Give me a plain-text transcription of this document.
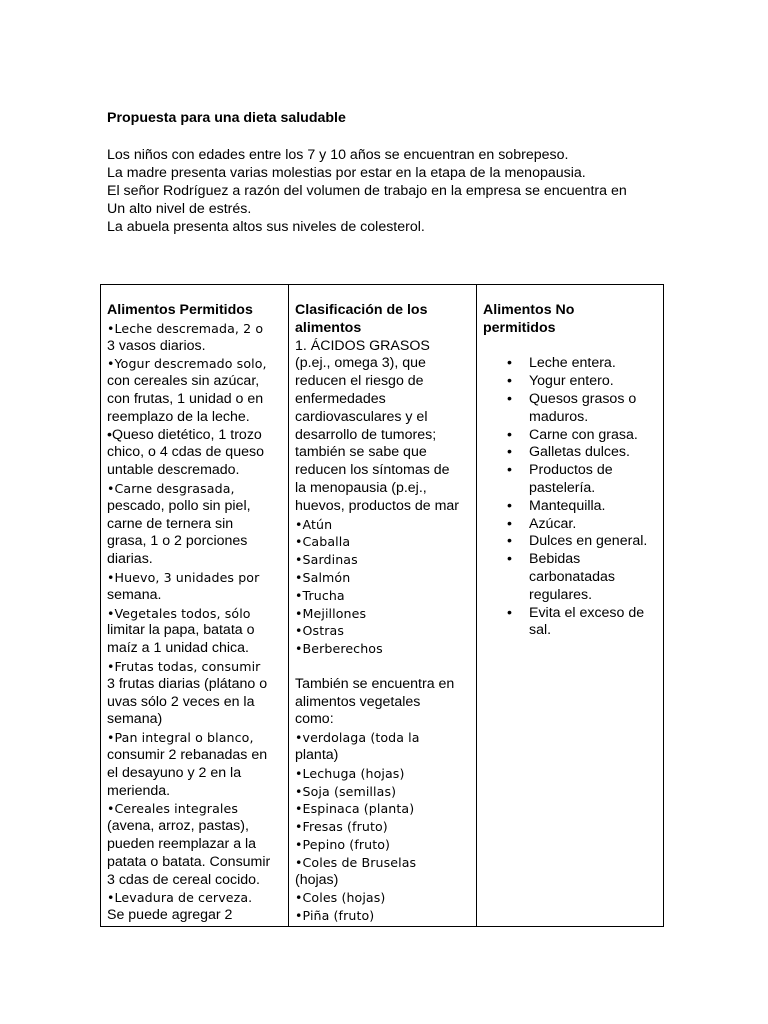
Propuesta para una dieta saludable
Los niños con edades entre los 7 y 10 años se encuentran en sobrepeso.
La madre presenta varias molestias por estar en la etapa de la menopausia.
El señor Rodríguez a razón del volumen de trabajo en la empresa se encuentra en
Un alto nivel de estrés.
La abuela presenta altos sus niveles de colesterol.
Alimentos Permitidos
•Leche descremada, 2 o
3 vasos diarios.
•Yogur descremado solo,
con cereales sin azúcar,
con frutas, 1 unidad o en
reemplazo de la leche.
•Queso dietético, 1 trozo
chico, o 4 cdas de queso
untable descremado.
•Carne desgrasada,
pescado, pollo sin piel,
carne de ternera sin
grasa, 1 o 2 porciones
diarias.
•Huevo, 3 unidades por
semana.
•Vegetales todos, sólo
limitar la papa, batata o
maíz a 1 unidad chica.
•Frutas todas, consumir
3 frutas diarias (plátano o
uvas sólo 2 veces en la
semana)
•Pan integral o blanco,
consumir 2 rebanadas en
el desayuno y 2 en la
merienda.
•Cereales integrales
(avena, arroz, pastas),
pueden reemplazar a la
patata o batata. Consumir
3 cdas de cereal cocido.
•Levadura de cerveza.
Se puede agregar 2
Clasificación de los
alimentos
1. ÁCIDOS GRASOS
(p.ej., omega 3), que
reducen el riesgo de
enfermedades
cardiovasculares y el
desarrollo de tumores;
también se sabe que
reducen los síntomas de
la menopausia (p.ej.,
huevos, productos de mar
•Atún
•Caballa
•Sardinas
•Salmón
•Trucha
•Mejillones
•Ostras
•Berberechos

También se encuentra en
alimentos vegetales
como:
•verdolaga (toda la
planta)
•Lechuga (hojas)
•Soja (semillas)
•Espinaca (planta)
•Fresas (fruto)
•Pepino (fruto)
•Coles de Bruselas
(hojas)
•Coles (hojas)
•Piña (fruto)
Alimentos No
permitidos
• Leche entera.
• Yogur entero.
• Quesos grasos o
maduros.
• Carne con grasa.
• Galletas dulces.
• Productos de
pastelería.
• Mantequilla.
• Azúcar.
• Dulces en general.
• Bebidas
carbonatadas
regulares.
• Evita el exceso de
sal.
